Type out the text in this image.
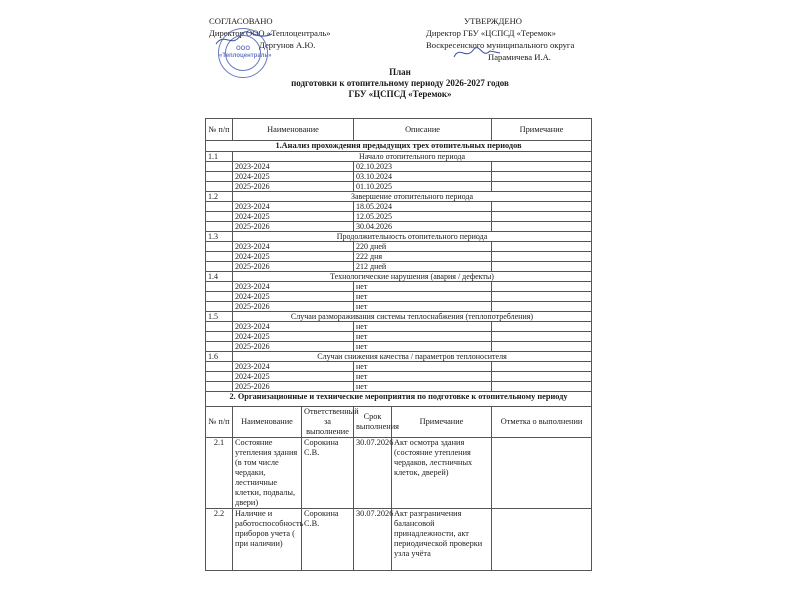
СОГЛАСОВАНО
Директор ООО «Теплоцентраль»
Дергунов А.Ю.
УТВЕРЖДЕНО
Директор ГБУ «ЦСПСД «Теремок»
Воскресенского муниципального округа
Парамичева И.А.
ООО
«Теплоцентраль»
План
подготовки к отопительному периоду 2026-2027 годов
ГБУ «ЦСПСД «Теремок»
№ п/п	Наименование		Описание		Примечание
1.Анализ прохождения предыдущих трех отопительных периодов					
1.1	Начало отопительного периода				
	2023-2024		02.10.2023		
	2024-2025		03.10.2024		
	2025-2026		01.10.2025		
1.2	Завершение отопительного периода				
	2023-2024		18.05.2024		
	2024-2025		12.05.2025		
	2025-2026		30.04.2026		
1.3	Продолжительность отопительного периода				
	2023-2024		220 дней		
	2024-2025		222 дня		
	2025-2026		212 дней		
1.4	Технологические нарушения (авария / дефекты)				
	2023-2024		нет		
	2024-2025		нет		
	2025-2026		нет		
1.5	Случаи размораживания системы теплоснабжения (теплопотребления)				
	2023-2024		нет		
	2024-2025		нет		
	2025-2026		нет		
1.6	Случаи снижения качества / параметров теплоносителя				
	2023-2024		нет		
	2024-2025		нет		
	2025-2026		нет		
2. Организационные и технические мероприятия по подготовке к отопительному периоду					
№ п/п	Наименование	Ответственный за выполнение	Срок выполнения	Примечание	Отметка о выполнении
2.1	Состояние утепления здания (в том числе чердаки, лестничные клетки, подвалы, двери)	Сорокина С.В.	30.07.2026	Акт осмотра здания (состояние утепления чердаков, лестничных клеток, дверей)	
2.2	Наличие и работоспособность приборов учета ( при наличии)	Сорокина С.В.	30.07.2026	Акт разграничения балансовой принадлежности, акт периодической проверки узла учёта	
